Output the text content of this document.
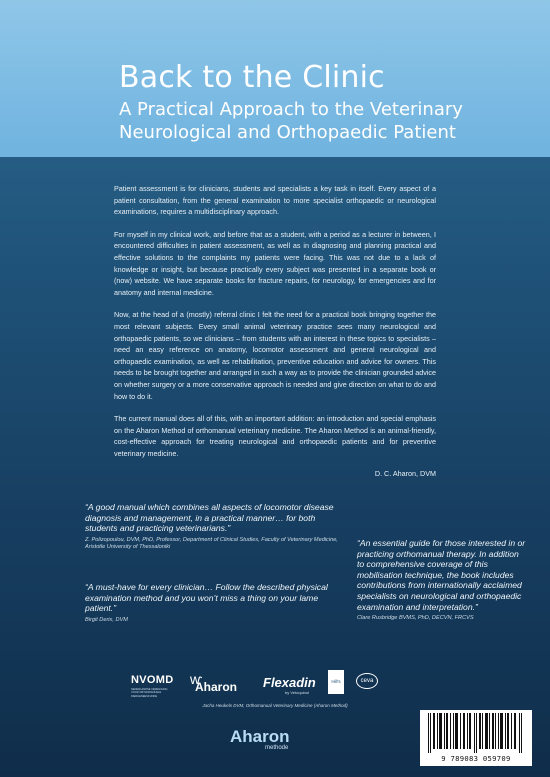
Back to the Clinic
A Practical Approach to the Veterinary Neurological and Orthopaedic Patient

Patient assessment is for clinicians, students and specialists a key task in itself. Every aspect of a patient consultation, from the general examination to more specialist orthopaedic or neurological examinations, requires a multidisciplinary approach.

For myself in my clinical work, and before that as a student, with a period as a lecturer in between, I encountered difficulties in patient assessment, as well as in diagnosing and planning practical and effective solutions to the complaints my patients were facing. This was not due to a lack of knowledge or insight, but because practically every subject was presented in a separate book or (now) website. We have separate books for fracture repairs, for neurology, for emergencies and for anatomy and internal medicine.

Now, at the head of a (mostly) referral clinic I felt the need for a practical book bringing together the most relevant subjects. Every small animal veterinary practice sees many neurological and orthopaedic patients, so we clinicians – from students with an interest in these topics to specialists – need an easy reference on anatomy, locomotor assessment and general neurological and orthopaedic examination, as well as rehabilitation, preventive education and advice for owners. This needs to be brought together and arranged in such a way as to provide the clinician grounded advice on whether surgery or a more conservative approach is needed and give direction on what to do and how to do it.

The current manual does all of this, with an important addition: an introduction and special emphasis on the Aharon Method of orthomanual veterinary medicine. The Aharon Method is an animal-friendly, cost-effective approach for treating neurological and orthopaedic patients and for preventive veterinary medicine.

D. C. Aharon, DVM
“A good manual which combines all aspects of locomotor disease diagnosis and management, in a practical manner… for both students and practicing veterinarians.”
Z. Polizopoulou, DVM, PhD, Professor, Department of Clinical Studies, Faculty of Veterinary Medicine, Aristotle University of Thessaloniki	“An essential guide for those interested in or practicing orthomanual therapy. In addition to comprehensive coverage of this mobilisation technique, the book includes contributions from internationally acclaimed specialists on neurological and orthopaedic examination and interpretation.”
Clare Rusbridge BVMS, PhD, DECVN, FRCVS
“A must-have for every clinician… Follow the described physical examination method and you won’t miss a thing on your lame patient.”
Birgit Derix, DVM
NVOMD
NEDERLANDSE VERENIGING VOOR ORTHOMANUELE DIERGENEESKUNDE
ⱳ
Aharon Flexadin
by Vetoquinol
Hill's	ceva
Jacha Heukels DVM, Orthomanual Veterinary Medicine (Aharon Method)
Aharon
methode
9 789083 059709
